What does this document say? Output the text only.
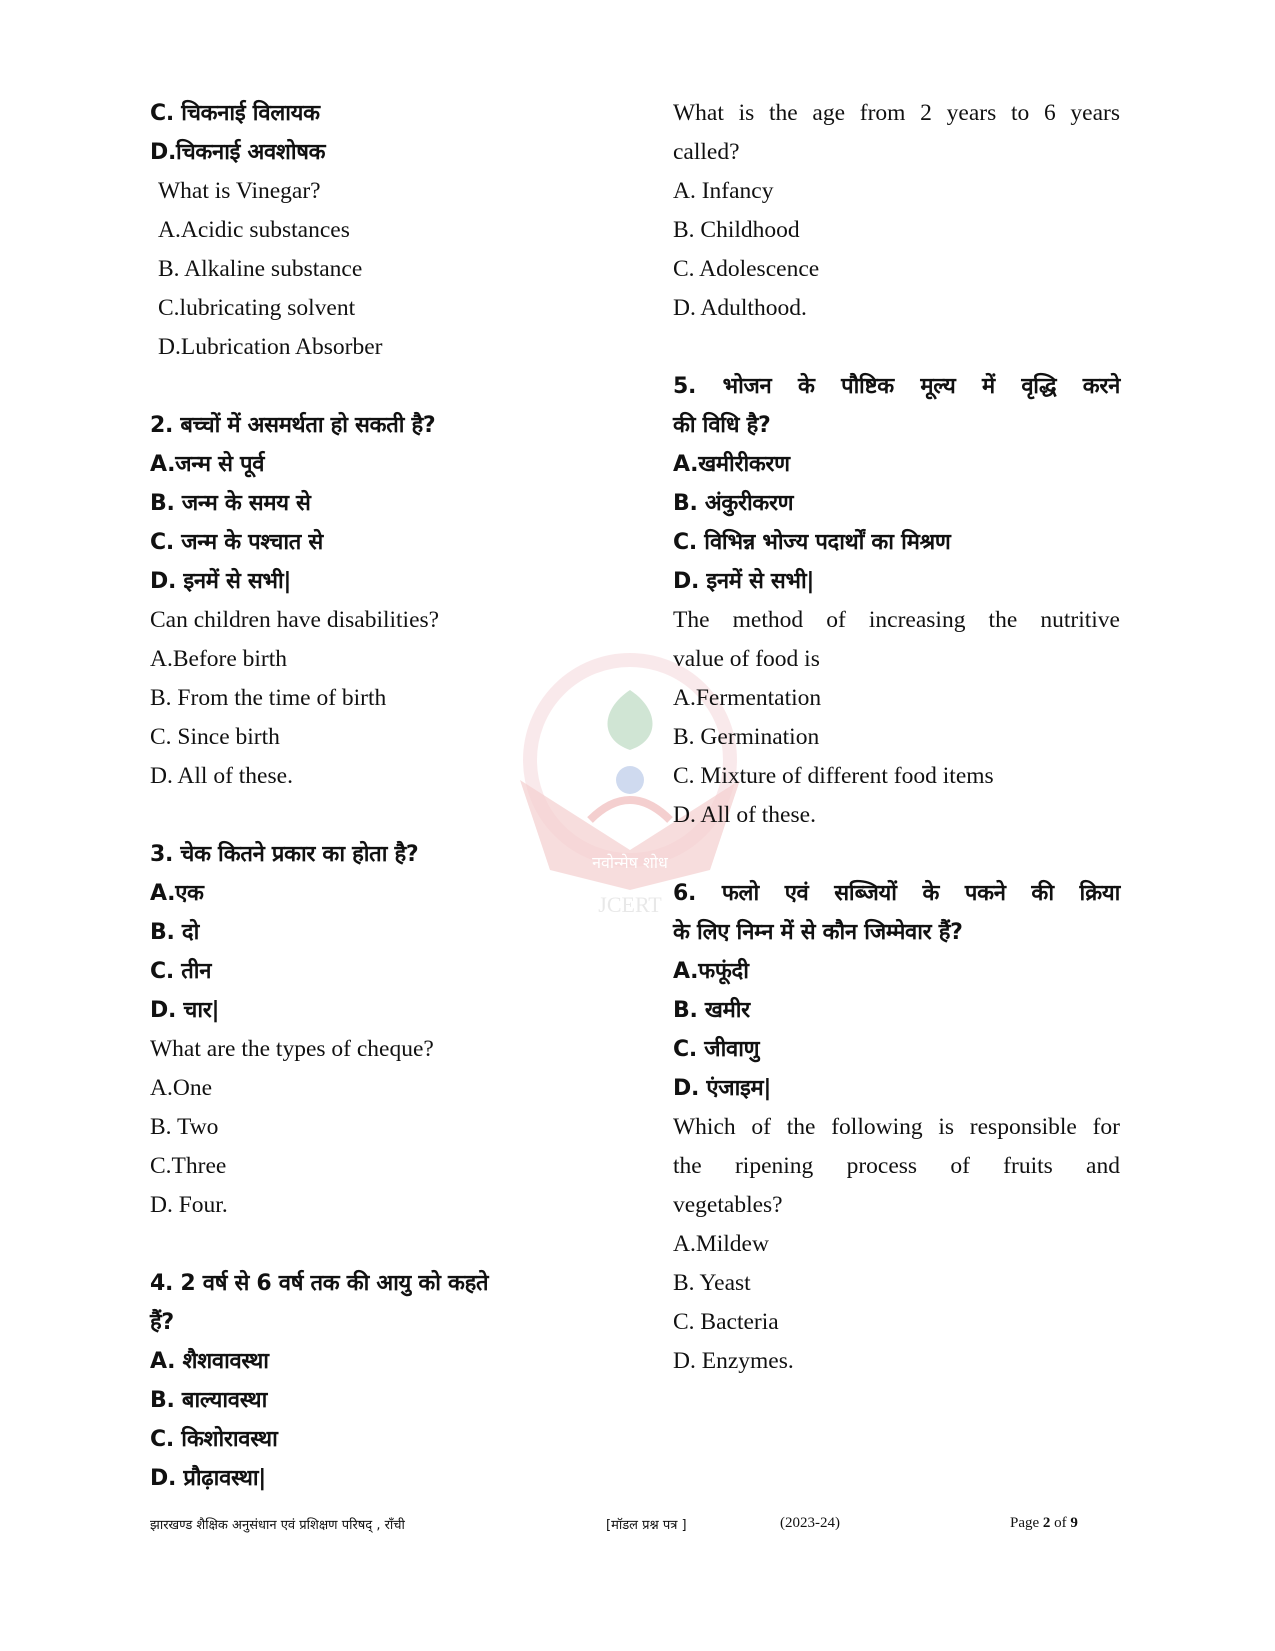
नवोन्मेष शोध
JCERT
C. चिकनाई विलायक
D.चिकनाई अवशोषक
What is Vinegar?
A.Acidic substances
B. Alkaline substance
C.lubricating solvent
D.Lubrication Absorber
2. बच्चों में असमर्थता हो सकती है?
A.जन्म से पूर्व
B. जन्म के समय से
C. जन्म के पश्चात से
D. इनमें से सभी|
Can children have disabilities?
A.Before birth
B. From the time of birth
C. Since birth
D. All of these.
3. चेक कितने प्रकार का होता है?
A.एक
B. दो
C. तीन
D. चार|
What are the types of cheque?
A.One
B. Two
C.Three
D. Four.
4. 2 वर्ष से 6 वर्ष तक की आयु को कहते
हैं?
A. शैशवावस्था
B. बाल्यावस्था
C. किशोरावस्था
D. प्रौढ़ावस्था|
What is the age from 2 years to 6 years
called?
A. Infancy
B. Childhood
C. Adolescence
D. Adulthood.
5. भोजन के पौष्टिक मूल्य में वृद्धि करने
की विधि है?
A.खमीरीकरण
B. अंकुरीकरण
C. विभिन्न भोज्य पदार्थों का मिश्रण
D. इनमें से सभी|
The method of increasing the nutritive
value of food is
A.Fermentation
B. Germination
C. Mixture of different food items
D. All of these.
6. फलो एवं सब्जियों के पकने की क्रिया
के लिए निम्न में से कौन जिम्मेवार हैं?
A.फफूंदी
B. खमीर
C. जीवाणु
D. एंजाइम|
Which of the following is responsible for
the ripening process of fruits and
vegetables?
A.Mildew
B. Yeast
C. Bacteria
D. Enzymes.
झारखण्ड शैक्षिक अनुसंधान एवं प्रशिक्षण परिषद् , राँची	[मॉडल प्रश्न पत्र ]	(2023-24)	Page 2 of 9
